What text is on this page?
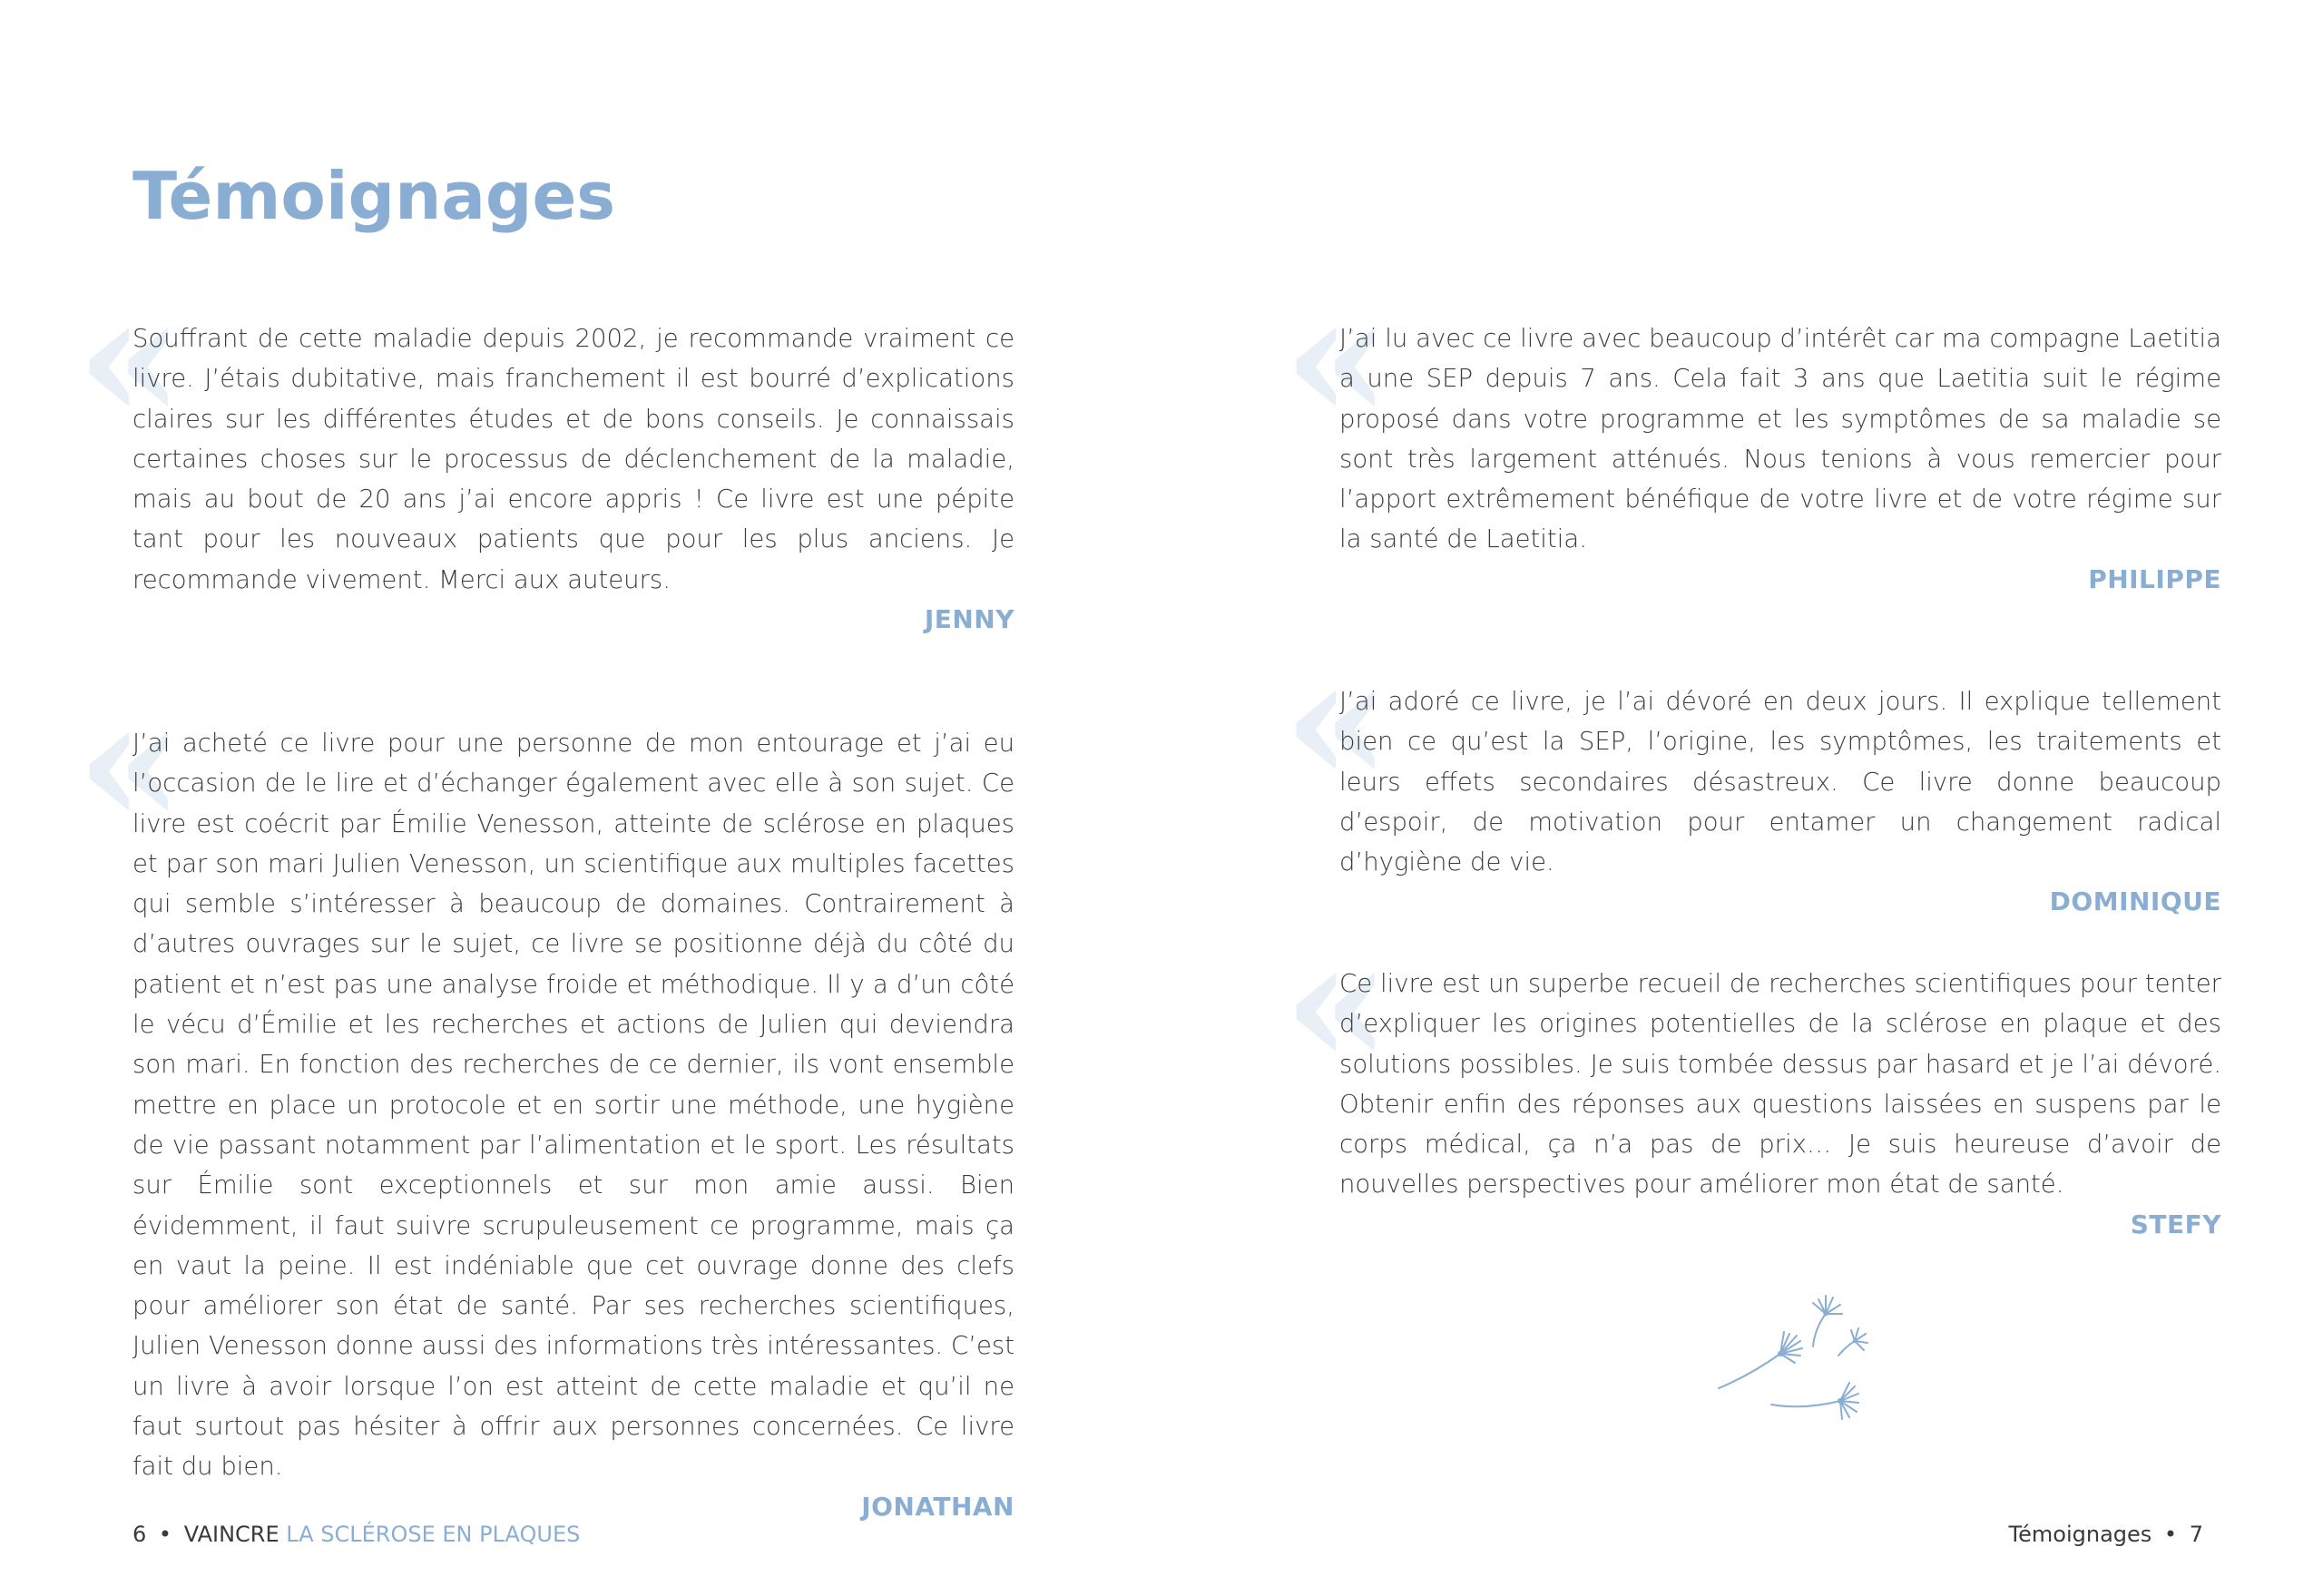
Témoignages
«

Souffrant de cette maladie depuis 2002, je recommande vraiment ce livre. J’étais dubitative, mais franchement il est bourré d’explications claires sur les différentes études et de bons conseils. Je connaissais certaines choses sur le processus de déclenchement de la maladie, mais au bout de 20 ans j’ai encore appris ! Ce livre est une pépite tant pour les nouveaux patients que pour les plus anciens. Je recommande vivement. Merci aux auteurs.

JENNY
«

J’ai acheté ce livre pour une personne de mon entourage et j’ai eu l’occasion de le lire et d’échanger également avec elle à son sujet. Ce livre est coécrit par Émilie Venesson, atteinte de sclérose en plaques et par son mari Julien Venesson, un scientifique aux multiples facettes qui semble s’intéresser à beaucoup de domaines. Contrairement à d’autres ouvrages sur le sujet, ce livre se positionne déjà du côté du patient et n’est pas une analyse froide et méthodique. Il y a d’un côté le vécu d’Émilie et les recherches et actions de Julien qui deviendra son mari. En fonction des recherches de ce dernier, ils vont ensemble mettre en place un protocole et en sortir une méthode, une hygiène de vie passant notamment par l’alimentation et le sport. Les résultats sur Émilie sont exceptionnels et sur mon amie aussi. Bien évidemment, il faut suivre scrupuleusement ce programme, mais ça en vaut la peine. Il est indéniable que cet ouvrage donne des clefs pour améliorer son état de santé. Par ses recherches scientifiques, Julien Venesson donne aussi des informations très intéressantes. C’est un livre à avoir lorsque l’on est atteint de cette maladie et qu’il ne faut surtout pas hésiter à offrir aux personnes concernées. Ce livre fait du bien.

JONATHAN
6 • VAINCRE LA SCLÉROSE EN PLAQUES
«

J’ai lu avec ce livre avec beaucoup d’intérêt car ma compagne Laetitia a une SEP depuis 7 ans. Cela fait 3 ans que Laetitia suit le régime proposé dans votre programme et les symptômes de sa maladie se sont très largement atténués. Nous tenions à vous remercier pour l’apport extrêmement bénéfique de votre livre et de votre régime sur la santé de Laetitia.

PHILIPPE
«

J’ai adoré ce livre, je l’ai dévoré en deux jours. Il explique tellement bien ce qu’est la SEP, l’origine, les symptômes, les traitements et leurs effets secondaires désastreux. Ce livre donne beaucoup d’espoir, de motivation pour entamer un changement radical d’hygiène de vie.

DOMINIQUE
«

Ce livre est un superbe recueil de recherches scientifiques pour tenter d’expliquer les origines potentielles de la sclérose en plaque et des solutions possibles. Je suis tombée dessus par hasard et je l’ai dévoré. Obtenir enfin des réponses aux questions laissées en suspens par le corps médical, ça n’a pas de prix… Je suis heureuse d’avoir de nouvelles perspectives pour améliorer mon état de santé.

STEFY
Témoignages • 7
